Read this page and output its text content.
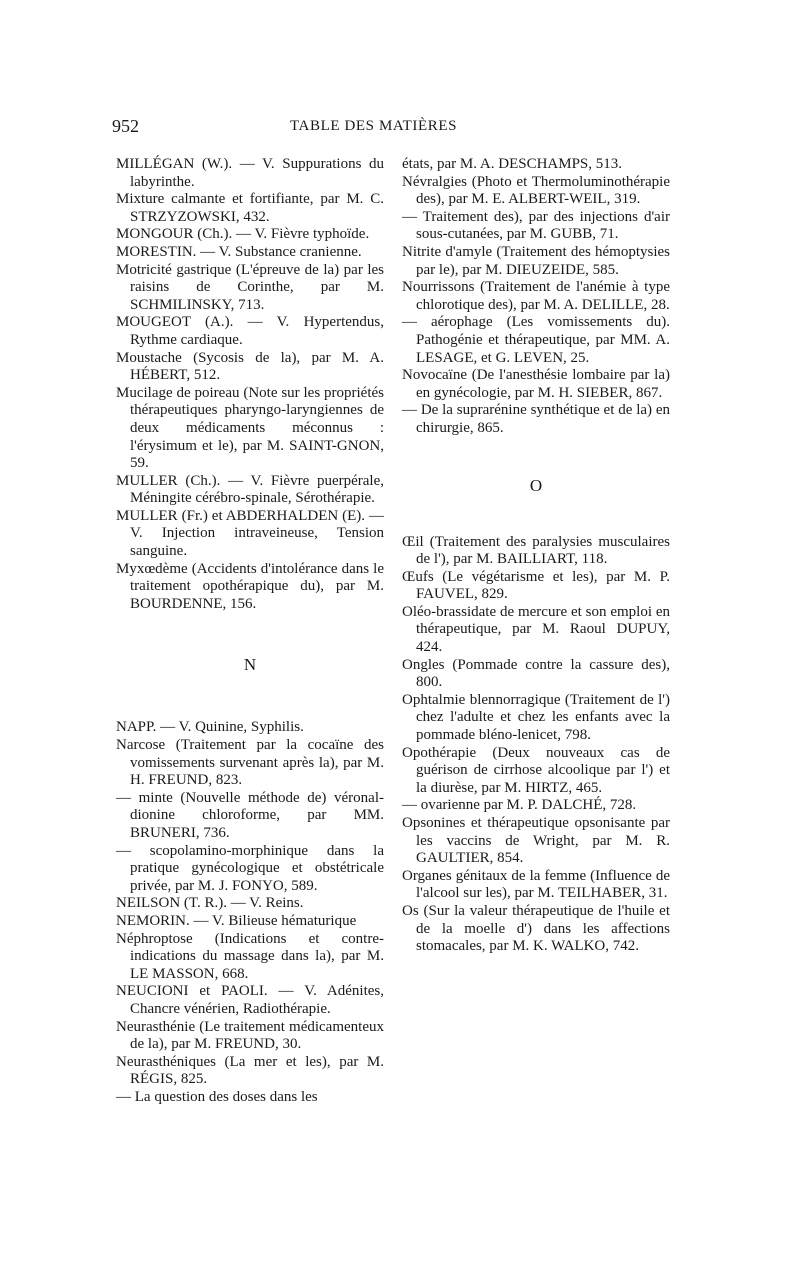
952	TABLE DES MATIÈRES

MILLÉGAN (W.). — V. Suppurations du labyrinthe.

Mixture calmante et fortifiante, par M. C. STRZYZOWSKI, 432.

MONGOUR (Ch.). — V. Fièvre typhoïde.

MORESTIN. — V. Substance cranienne.

Motricité gastrique (L'épreuve de la) par les raisins de Corinthe, par M. SCHMILINSKY, 713.

MOUGEOT (A.). — V. Hypertendus, Rythme cardiaque.

Moustache (Sycosis de la), par M. A. HÉBERT, 512.

Mucilage de poireau (Note sur les propriétés thérapeutiques pharyngo-laryngiennes de deux médicaments méconnus : l'érysimum et le), par M. SAINT-GNON, 59.

MULLER (Ch.). — V. Fièvre puerpérale, Méningite cérébro-spinale, Sérothérapie.

MULLER (Fr.) et ABDERHALDEN (E). — V. Injection intraveineuse, Tension sanguine.

Myxœdème (Accidents d'intolérance dans le traitement opothérapique du), par M. BOURDENNE, 156.

N

NAPP. — V. Quinine, Syphilis.

Narcose (Traitement par la cocaïne des vomissements survenant après la), par M. H. FREUND, 823.

— minte (Nouvelle méthode de) véronal-dionine chloroforme, par MM. BRUNERI, 736.

— scopolamino-morphinique dans la pratique gynécologique et obstétricale privée, par M. J. FONYO, 589.

NEILSON (T. R.). — V. Reins.

NEMORIN. — V. Bilieuse hématurique

Néphroptose (Indications et contre-indications du massage dans la), par M. LE MASSON, 668.

NEUCIONI et PAOLI. — V. Adénites, Chancre vénérien, Radiothérapie.

Neurasthénie (Le traitement médicamenteux de la), par M. FREUND, 30.

Neurasthéniques (La mer et les), par M. RÉGIS, 825.

— La question des doses dans les

états, par M. A. DESCHAMPS, 513.

Névralgies (Photo et Thermoluminothérapie des), par M. E. ALBERT-WEIL, 319.

— Traitement des), par des injections d'air sous-cutanées, par M. GUBB, 71.

Nitrite d'amyle (Traitement des hémoptysies par le), par M. DIEUZEIDE, 585.

Nourrissons (Traitement de l'anémie à type chlorotique des), par M. A. DELILLE, 28.

— aérophage (Les vomissements du). Pathogénie et thérapeutique, par MM. A. LESAGE, et G. LEVEN, 25.

Novocaïne (De l'anesthésie lombaire par la) en gynécologie, par M. H. SIEBER, 867.

— De la suprarénine synthétique et de la) en chirurgie, 865.

O

Œil (Traitement des paralysies musculaires de l'), par M. BAILLIART, 118.

Œufs (Le végétarisme et les), par M. P. FAUVEL, 829.

Oléo-brassidate de mercure et son emploi en thérapeutique, par M. Raoul DUPUY, 424.

Ongles (Pommade contre la cassure des), 800.

Ophtalmie blennorragique (Traitement de l') chez l'adulte et chez les enfants avec la pommade bléno-lenicet, 798.

Opothérapie (Deux nouveaux cas de guérison de cirrhose alcoolique par l') et la diurèse, par M. HIRTZ, 465.

— ovarienne par M. P. DALCHÉ, 728.

Opsonines et thérapeutique opsonisante par les vaccins de Wright, par M. R. GAULTIER, 854.

Organes génitaux de la femme (Influence de l'alcool sur les), par M. TEILHABER, 31.

Os (Sur la valeur thérapeutique de l'huile et de la moelle d') dans les affections stomacales, par M. K. WALKO, 742.
